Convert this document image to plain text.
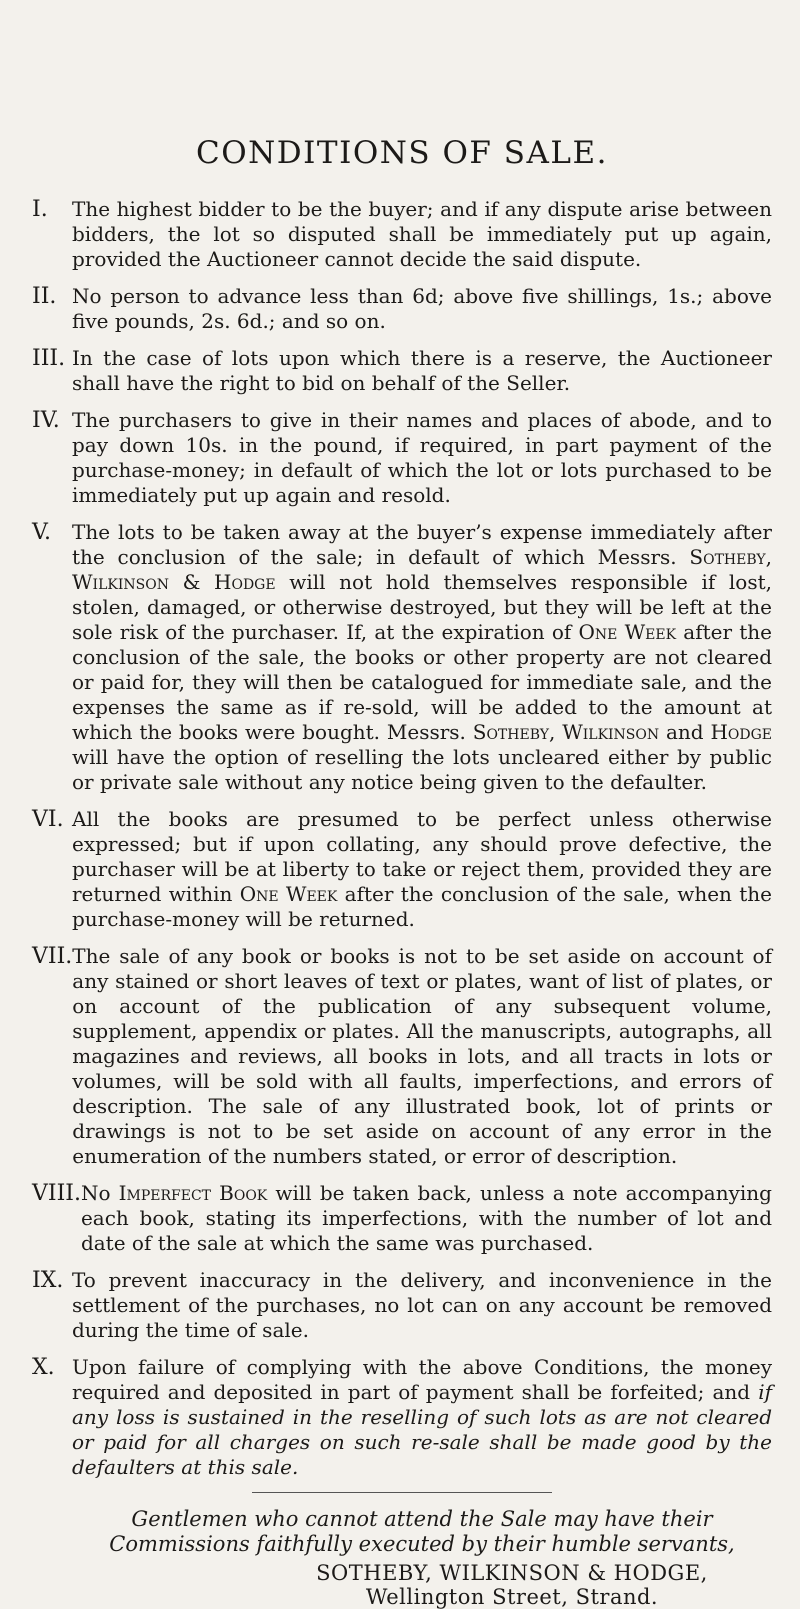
CONDITIONS OF SALE.
I.	The highest bidder to be the buyer; and if any dispute arise between bidders, the lot so disputed shall be immediately put up again, provided the Auctioneer cannot decide the said dispute.
II. No person to advance less than 6d; above five shillings, 1s.; above five pounds, 2s. 6d.; and so on.
III. In the case of lots upon which there is a reserve, the Auctioneer shall have the right to bid on behalf of the Seller.
IV. The purchasers to give in their names and places of abode, and to pay down 10s. in the pound, if required, in part payment of the purchase-money; in default of which the lot or lots purchased to be immediately put up again and resold.
V.	The lots to be taken away at the buyer’s expense immediately after the conclusion of the sale; in default of which Messrs. Sotheby, Wilkinson & Hodge will not hold themselves responsible if lost, stolen, damaged, or otherwise destroyed, but they will be left at the sole risk of the purchaser. If, at the expiration of One Week after the conclusion of the sale, the books or other property are not cleared or paid for, they will then be catalogued for immediate sale, and the expenses the same as if re-sold, will be added to the amount at which the books were bought. Messrs. Sotheby, Wilkinson and Hodge will have the option of reselling the lots uncleared either by public or private sale without any notice being given to the defaulter.
VI. All the books are presumed to be perfect unless otherwise expressed; but if upon collating, any should prove defective, the purchaser will be at liberty to take or reject them, provided they are returned within One Week after the conclusion of the sale, when the purchase-money will be returned.
VII. The sale of any book or books is not to be set aside on account of any stained or short leaves of text or plates, want of list of plates, or on account of the publication of any subsequent volume, supplement, appendix or plates. All the manuscripts, autographs, all magazines and reviews, all books in lots, and all tracts in lots or volumes, will be sold with all faults, imperfections, and errors of description. The sale of any illustrated book, lot of prints or drawings is not to be set aside on account of any error in the enumeration of the numbers stated, or error of description.
VIII. No Imperfect Book will be taken back, unless a note accompanying each book, stating its imperfections, with the number of lot and date of the sale at which the same was purchased.
IX. To prevent inaccuracy in the delivery, and inconvenience in the settlement of the purchases, no lot can on any account be removed during the time of sale.
X. Upon failure of complying with the above Conditions, the money required and deposited in part of payment shall be forfeited; and if any loss is sustained in the reselling of such lots as are not cleared or paid for all charges on such re-sale shall be made good by the defaulters at this sale.
Gentlemen who cannot attend the Sale may have their Commissions faithfully executed by their humble servants,
SOTHEBY, WILKINSON & HODGE,
Wellington Street, Strand.
